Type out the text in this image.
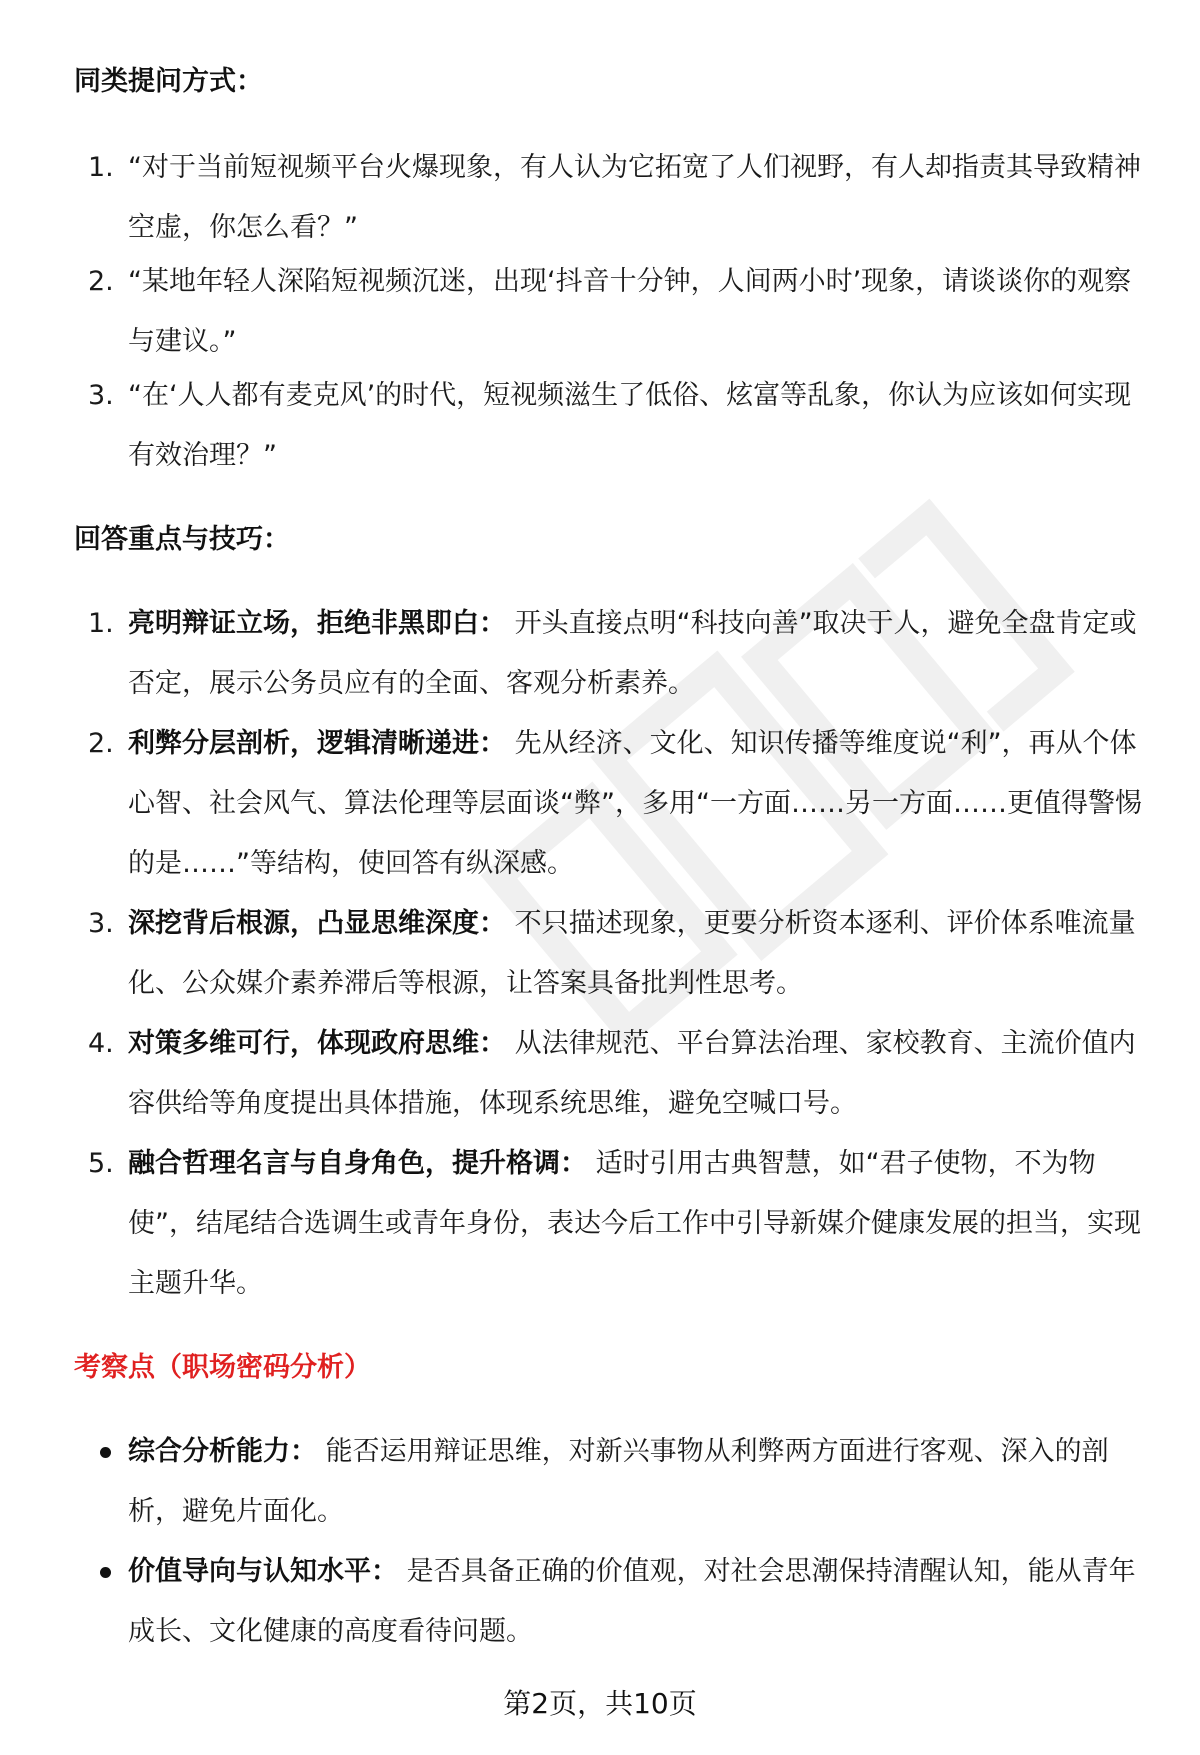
同类提问方式：
1. “对于当前短视频平台火爆现象，有人认为它拓宽了人们视野，有人却指责其导致精神空虚，你怎么看？”
2. “某地年轻人深陷短视频沉迷，出现‘抖音十分钟，人间两小时’现象，请谈谈你的观察与建议。”
3. “在‘人人都有麦克风’的时代，短视频滋生了低俗、炫富等乱象，你认为应该如何实现有效治理？”
回答重点与技巧：
1. 亮明辩证立场，拒绝非黑即白： 开头直接点明“科技向善”取决于人，避免全盘肯定或否定，展示公务员应有的全面、客观分析素养。
2. 利弊分层剖析，逻辑清晰递进： 先从经济、文化、知识传播等维度说“利”，再从个体心智、社会风气、算法伦理等层面谈“弊”，多用“一方面……另一方面……更值得警惕的是……”等结构，使回答有纵深感。
3. 深挖背后根源，凸显思维深度： 不只描述现象，更要分析资本逐利、评价体系唯流量化、公众媒介素养滞后等根源，让答案具备批判性思考。
4. 对策多维可行，体现政府思维： 从法律规范、平台算法治理、家校教育、主流价值内容供给等角度提出具体措施，体现系统思维，避免空喊口号。
5. 融合哲理名言与自身角色，提升格调： 适时引用古典智慧，如“君子使物，不为物使”，结尾结合选调生或青年身份，表达今后工作中引导新媒介健康发展的担当，实现主题升华。
考察点（职场密码分析）
综合分析能力： 能否运用辩证思维，对新兴事物从利弊两方面进行客观、深入的剖析，避免片面化。
价值导向与认知水平： 是否具备正确的价值观，对社会思潮保持清醒认知，能从青年成长、文化健康的高度看待问题。
第2页，共10页
